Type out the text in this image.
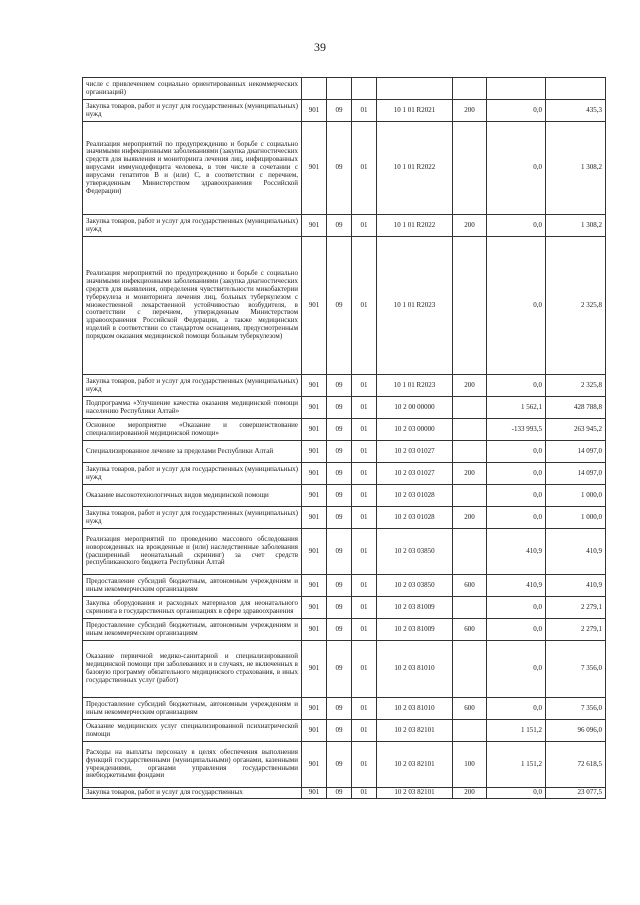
39
числе с привлечением социально ориентированных некоммерческих организаций)							
Закупка товаров, работ и услуг для государственных (муниципальных) нужд	901	09	01	10 1 01 R2021	200	0,0	435,3
Реализация мероприятий по предупреждению и борьбе с социально значимыми инфекционными заболеваниями (закупка диагностических средств для выявления и мониторинга лечения лиц, инфицированных вирусами иммунодефицита человека, в том числе в сочетании с вирусами гепатитов B и (или) C, в соответствии с перечнем, утвержденным Министерством здравоохранения Российской Федерации)	901	09	01	10 1 01 R2022		0,0	1 308,2
Закупка товаров, работ и услуг для государственных (муниципальных) нужд	901	09	01	10 1 01 R2022	200	0,0	1 308,2
Реализация мероприятий по предупреждению и борьбе с социально значимыми инфекционными заболеваниями (закупка диагностических средств для выявления, определения чувствительности микобактерии туберкулеза и мониторинга лечения лиц, больных туберкулезом с множественной лекарственной устойчивостью возбудителя, в соответствии с перечнем, утвержденным Министерством здравоохранения Российской Федерации, а также медицинских изделий в соответствии со стандартом оснащения, предусмотренным порядком оказания медицинской помощи больным туберкулезом)	901	09	01	10 1 01 R2023		0,0	2 325,8
Закупка товаров, работ и услуг для государственных (муниципальных) нужд	901	09	01	10 1 01 R2023	200	0,0	2 325,8
Подпрограмма «Улучшение качества оказания медицинской помощи населению Республики Алтай»	901	09	01	10 2 00 00000		1 562,1	428 788,8
Основное мероприятие «Оказание и совершенствование специализированной медицинской помощи»	901	09	01	10 2 03 00000		-133 993,5	263 945,2
Специализированное лечение за пределами Республики Алтай	901	09	01	10 2 03 01027		0,0	14 097,0
Закупка товаров, работ и услуг для государственных (муниципальных) нужд	901	09	01	10 2 03 01027	200	0,0	14 097,0
Оказание высокотехнологичных видов медицинской помощи	901	09	01	10 2 03 01028		0,0	1 000,0
Закупка товаров, работ и услуг для государственных (муниципальных) нужд	901	09	01	10 2 03 01028	200	0,0	1 000,0
Реализация мероприятий по проведению массового обследования новорожденных на врожденные и (или) наследственные заболевания (расширенный неонатальный скрининг) за счет средств республиканского бюджета Республики Алтай	901	09	01	10 2 03 03850		410,9	410,9
Предоставление субсидий бюджетным, автономным учреждениям и иным некоммерческим организациям	901	09	01	10 2 03 03850	600	410,9	410,9
Закупка оборудования и расходных материалов для неонатального скрининга в государственных организациях в сфере здравоохранения	901	09	01	10 2 03 81009		0,0	2 279,1
Предоставление субсидий бюджетным, автономным учреждениям и иным некоммерческим организациям	901	09	01	10 2 03 81009	600	0,0	2 279,1
Оказание первичной медико-санитарной и специализированной медицинской помощи при заболеваниях и в случаях, не включенных в базовую программу обязательного медицинского страхования, в иных государственных услуг (работ)	901	09	01	10 2 03 81010		0,0	7 356,0
Предоставление субсидий бюджетным, автономным учреждениям и иным некоммерческим организациям	901	09	01	10 2 03 81010	600	0,0	7 356,0
Оказание медицинских услуг специализированной психиатрической помощи	901	09	01	10 2 03 82101		1 151,2	96 096,0
Расходы на выплаты персоналу в целях обеспечения выполнения функций государственными (муниципальными) органами, казенными учреждениями, органами управления государственными внебюджетными фондами	901	09	01	10 2 03 82101	100	1 151,2	72 618,5
Закупка товаров, работ и услуг для государственных	901	09	01	10 2 03 82101	200	0,0	23 077,5
